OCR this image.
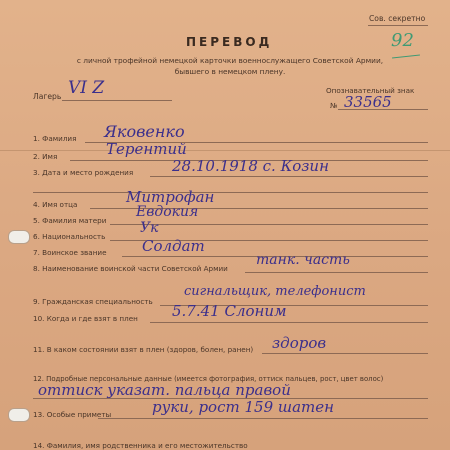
Сов. секретно
92
ПЕРЕВОД
с личной трофейной немецкой карточки военнослужащего Советской Армии,
бывшего в немецком плену.
Лагерь VI Z	Опознавательный знак
№ 33565
1. Фамилия Яковенко
2. Имя	Терентий
3. Дата и место рождения	28.10.1918 с. Козин
4. Имя отца	Митрофан
5. Фамилия матери
Евдокия
6. Национальность
Ук
7. Воинское звание Солдат
8. Наименование воинской части Советской Армии
танк. часть
9. Гражданская специальность
сигнальщик, телефонист
10. Когда и где взят в плен 5.7.41 Слоним
11. В каком состоянии взят в плен (здоров, болен, ранен) здоров
12. Подробные персональные данные (имеется фотография, оттиск пальцев, рост, цвет волос)
оттиск указат. пальца правой
13. Особые приметы	руки, рост 159 шатен
14. Фамилия, имя родственника и его местожительство
